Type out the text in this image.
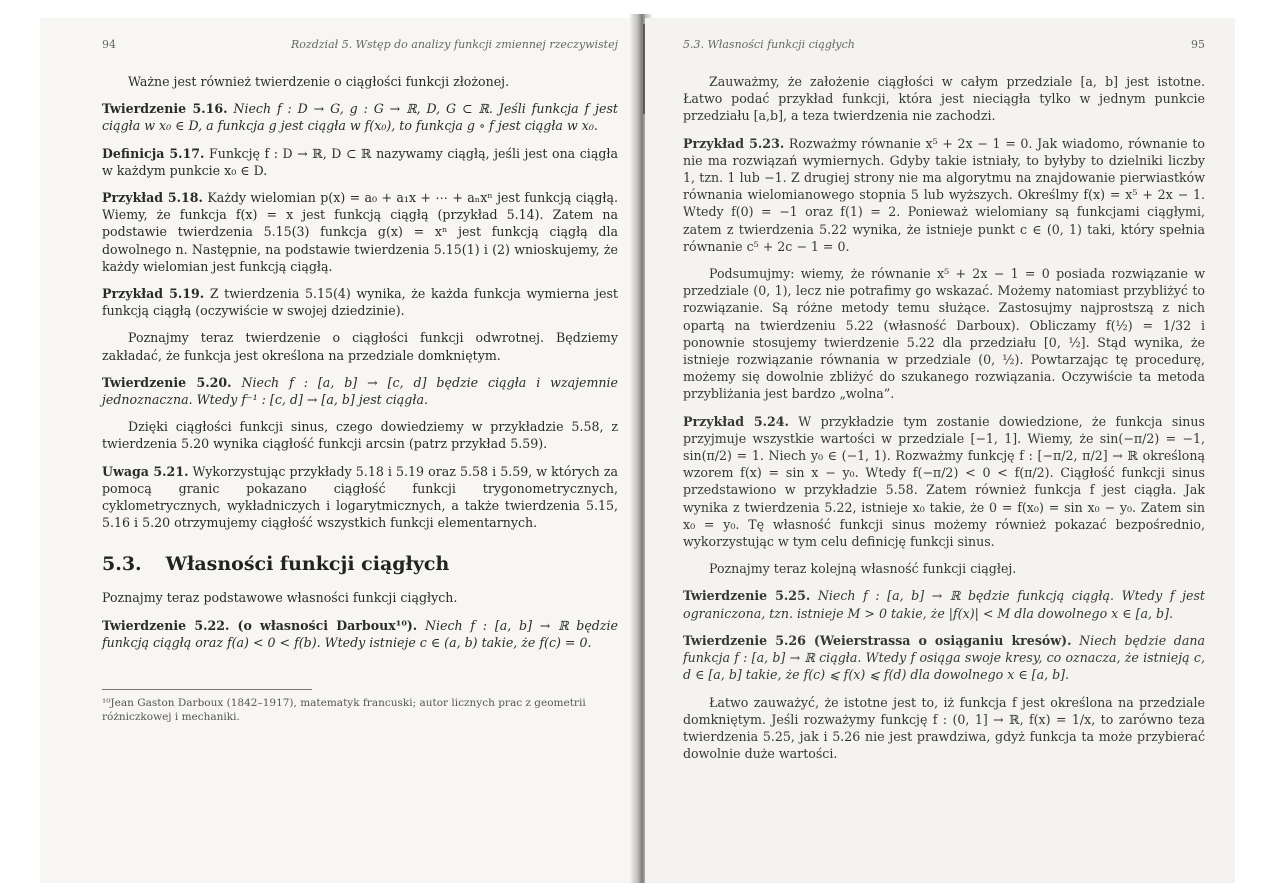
94	Rozdział 5. Wstęp do analizy funkcji zmiennej rzeczywistej

Ważne jest również twierdzenie o ciągłości funkcji złożonej.

Twierdzenie 5.16. Niech f : D → G, g : G → ℝ, D, G ⊂ ℝ. Jeśli funkcja f jest ciągła w x₀ ∈ D, a funkcja g jest ciągła w f(x₀), to funkcja g ∘ f jest ciągła w x₀.

Definicja 5.17. Funkcję f : D → ℝ, D ⊂ ℝ nazywamy ciągłą, jeśli jest ona ciągła w każdym punkcie x₀ ∈ D.

Przykład 5.18. Każdy wielomian p(x) = a₀ + a₁x + ⋯ + aₙxⁿ jest funkcją ciągłą. Wiemy, że funkcja f(x) = x jest funkcją ciągłą (przykład 5.14). Zatem na podstawie twierdzenia 5.15(3) funkcja g(x) = xⁿ jest funkcją ciągłą dla dowolnego n. Następnie, na podstawie twierdzenia 5.15(1) i (2) wnioskujemy, że każdy wielomian jest funkcją ciągłą.

Przykład 5.19. Z twierdzenia 5.15(4) wynika, że każda funkcja wymierna jest funkcją ciągłą (oczywiście w swojej dziedzinie).

Poznajmy teraz twierdzenie o ciągłości funkcji odwrotnej. Będziemy zakładać, że funkcja jest określona na przedziale domkniętym.

Twierdzenie 5.20. Niech f : [a, b] → [c, d] będzie ciągła i wzajemnie jednoznaczna. Wtedy f⁻¹ : [c, d] → [a, b] jest ciągła.

Dzięki ciągłości funkcji sinus, czego dowiedziemy w przykładzie 5.58, z twierdzenia 5.20 wynika ciągłość funkcji arcsin (patrz przykład 5.59).

Uwaga 5.21. Wykorzystując przykłady 5.18 i 5.19 oraz 5.58 i 5.59, w których za pomocą granic pokazano ciągłość funkcji trygonometrycznych, cyklometrycznych, wykładniczych i logarytmicznych, a także twierdzenia 5.15, 5.16 i 5.20 otrzymujemy ciągłość wszystkich funkcji elementarnych.

5.3. Własności funkcji ciągłych

Poznajmy teraz podstawowe własności funkcji ciągłych.

Twierdzenie 5.22. (o własności Darboux¹⁰). Niech f : [a, b] → ℝ będzie funkcją ciągłą oraz f(a) < 0 < f(b). Wtedy istnieje c ∈ (a, b) takie, że f(c) = 0.

¹⁰Jean Gaston Darboux (1842–1917), matematyk francuski; autor licznych prac z geometrii różniczkowej i mechaniki.
5.3. Własności funkcji ciągłych	95

Zauważmy, że założenie ciągłości w całym przedziale [a, b] jest istotne. Łatwo podać przykład funkcji, która jest nieciągła tylko w jednym punkcie przedziału [a,b], a teza twierdzenia nie zachodzi.

Przykład 5.23. Rozważmy równanie x⁵ + 2x − 1 = 0. Jak wiadomo, równanie to nie ma rozwiązań wymiernych. Gdyby takie istniały, to byłyby to dzielniki liczby 1, tzn. 1 lub −1. Z drugiej strony nie ma algorytmu na znajdowanie pierwiastków równania wielomianowego stopnia 5 lub wyższych. Określmy f(x) = x⁵ + 2x − 1. Wtedy f(0) = −1 oraz f(1) = 2. Ponieważ wielomiany są funkcjami ciągłymi, zatem z twierdzenia 5.22 wynika, że istnieje punkt c ∈ (0, 1) taki, który spełnia równanie c⁵ + 2c − 1 = 0.

Podsumujmy: wiemy, że równanie x⁵ + 2x − 1 = 0 posiada rozwiązanie w przedziale (0, 1), lecz nie potrafimy go wskazać. Możemy natomiast przybliżyć to rozwiązanie. Są różne metody temu służące. Zastosujmy najprostszą z nich opartą na twierdzeniu 5.22 (własność Darboux). Obliczamy f(½) = 1/32 i ponownie stosujemy twierdzenie 5.22 dla przedziału [0, ½]. Stąd wynika, że istnieje rozwiązanie równania w przedziale (0, ½). Powtarzając tę procedurę, możemy się dowolnie zbliżyć do szukanego rozwiązania. Oczywiście ta metoda przybliżania jest bardzo „wolna”.

Przykład 5.24. W przykładzie tym zostanie dowiedzione, że funkcja sinus przyjmuje wszystkie wartości w przedziale [−1, 1]. Wiemy, że sin(−π/2) = −1, sin(π/2) = 1. Niech y₀ ∈ (−1, 1). Rozważmy funkcję f : [−π/2, π/2] → ℝ określoną wzorem f(x) = sin x − y₀. Wtedy f(−π/2) < 0 < f(π/2). Ciągłość funkcji sinus przedstawiono w przykładzie 5.58. Zatem również funkcja f jest ciągła. Jak wynika z twierdzenia 5.22, istnieje x₀ takie, że 0 = f(x₀) = sin x₀ − y₀. Zatem sin x₀ = y₀. Tę własność funkcji sinus możemy również pokazać bezpośrednio, wykorzystując w tym celu definicję funkcji sinus.

Poznajmy teraz kolejną własność funkcji ciągłej.

Twierdzenie 5.25. Niech f : [a, b] → ℝ będzie funkcją ciągłą. Wtedy f jest ograniczona, tzn. istnieje M > 0 takie, że |f(x)| < M dla dowolnego x ∈ [a, b].

Twierdzenie 5.26 (Weierstrassa o osiąganiu kresów). Niech będzie dana funkcja f : [a, b] → ℝ ciągła. Wtedy f osiąga swoje kresy, co oznacza, że istnieją c, d ∈ [a, b] takie, że f(c) ⩽ f(x) ⩽ f(d) dla dowolnego x ∈ [a, b].

Łatwo zauważyć, że istotne jest to, iż funkcja f jest określona na przedziale domkniętym. Jeśli rozważymy funkcję f : (0, 1] → ℝ, f(x) = 1/x, to zarówno teza twierdzenia 5.25, jak i 5.26 nie jest prawdziwa, gdyż funkcja ta może przybierać dowolnie duże wartości.
